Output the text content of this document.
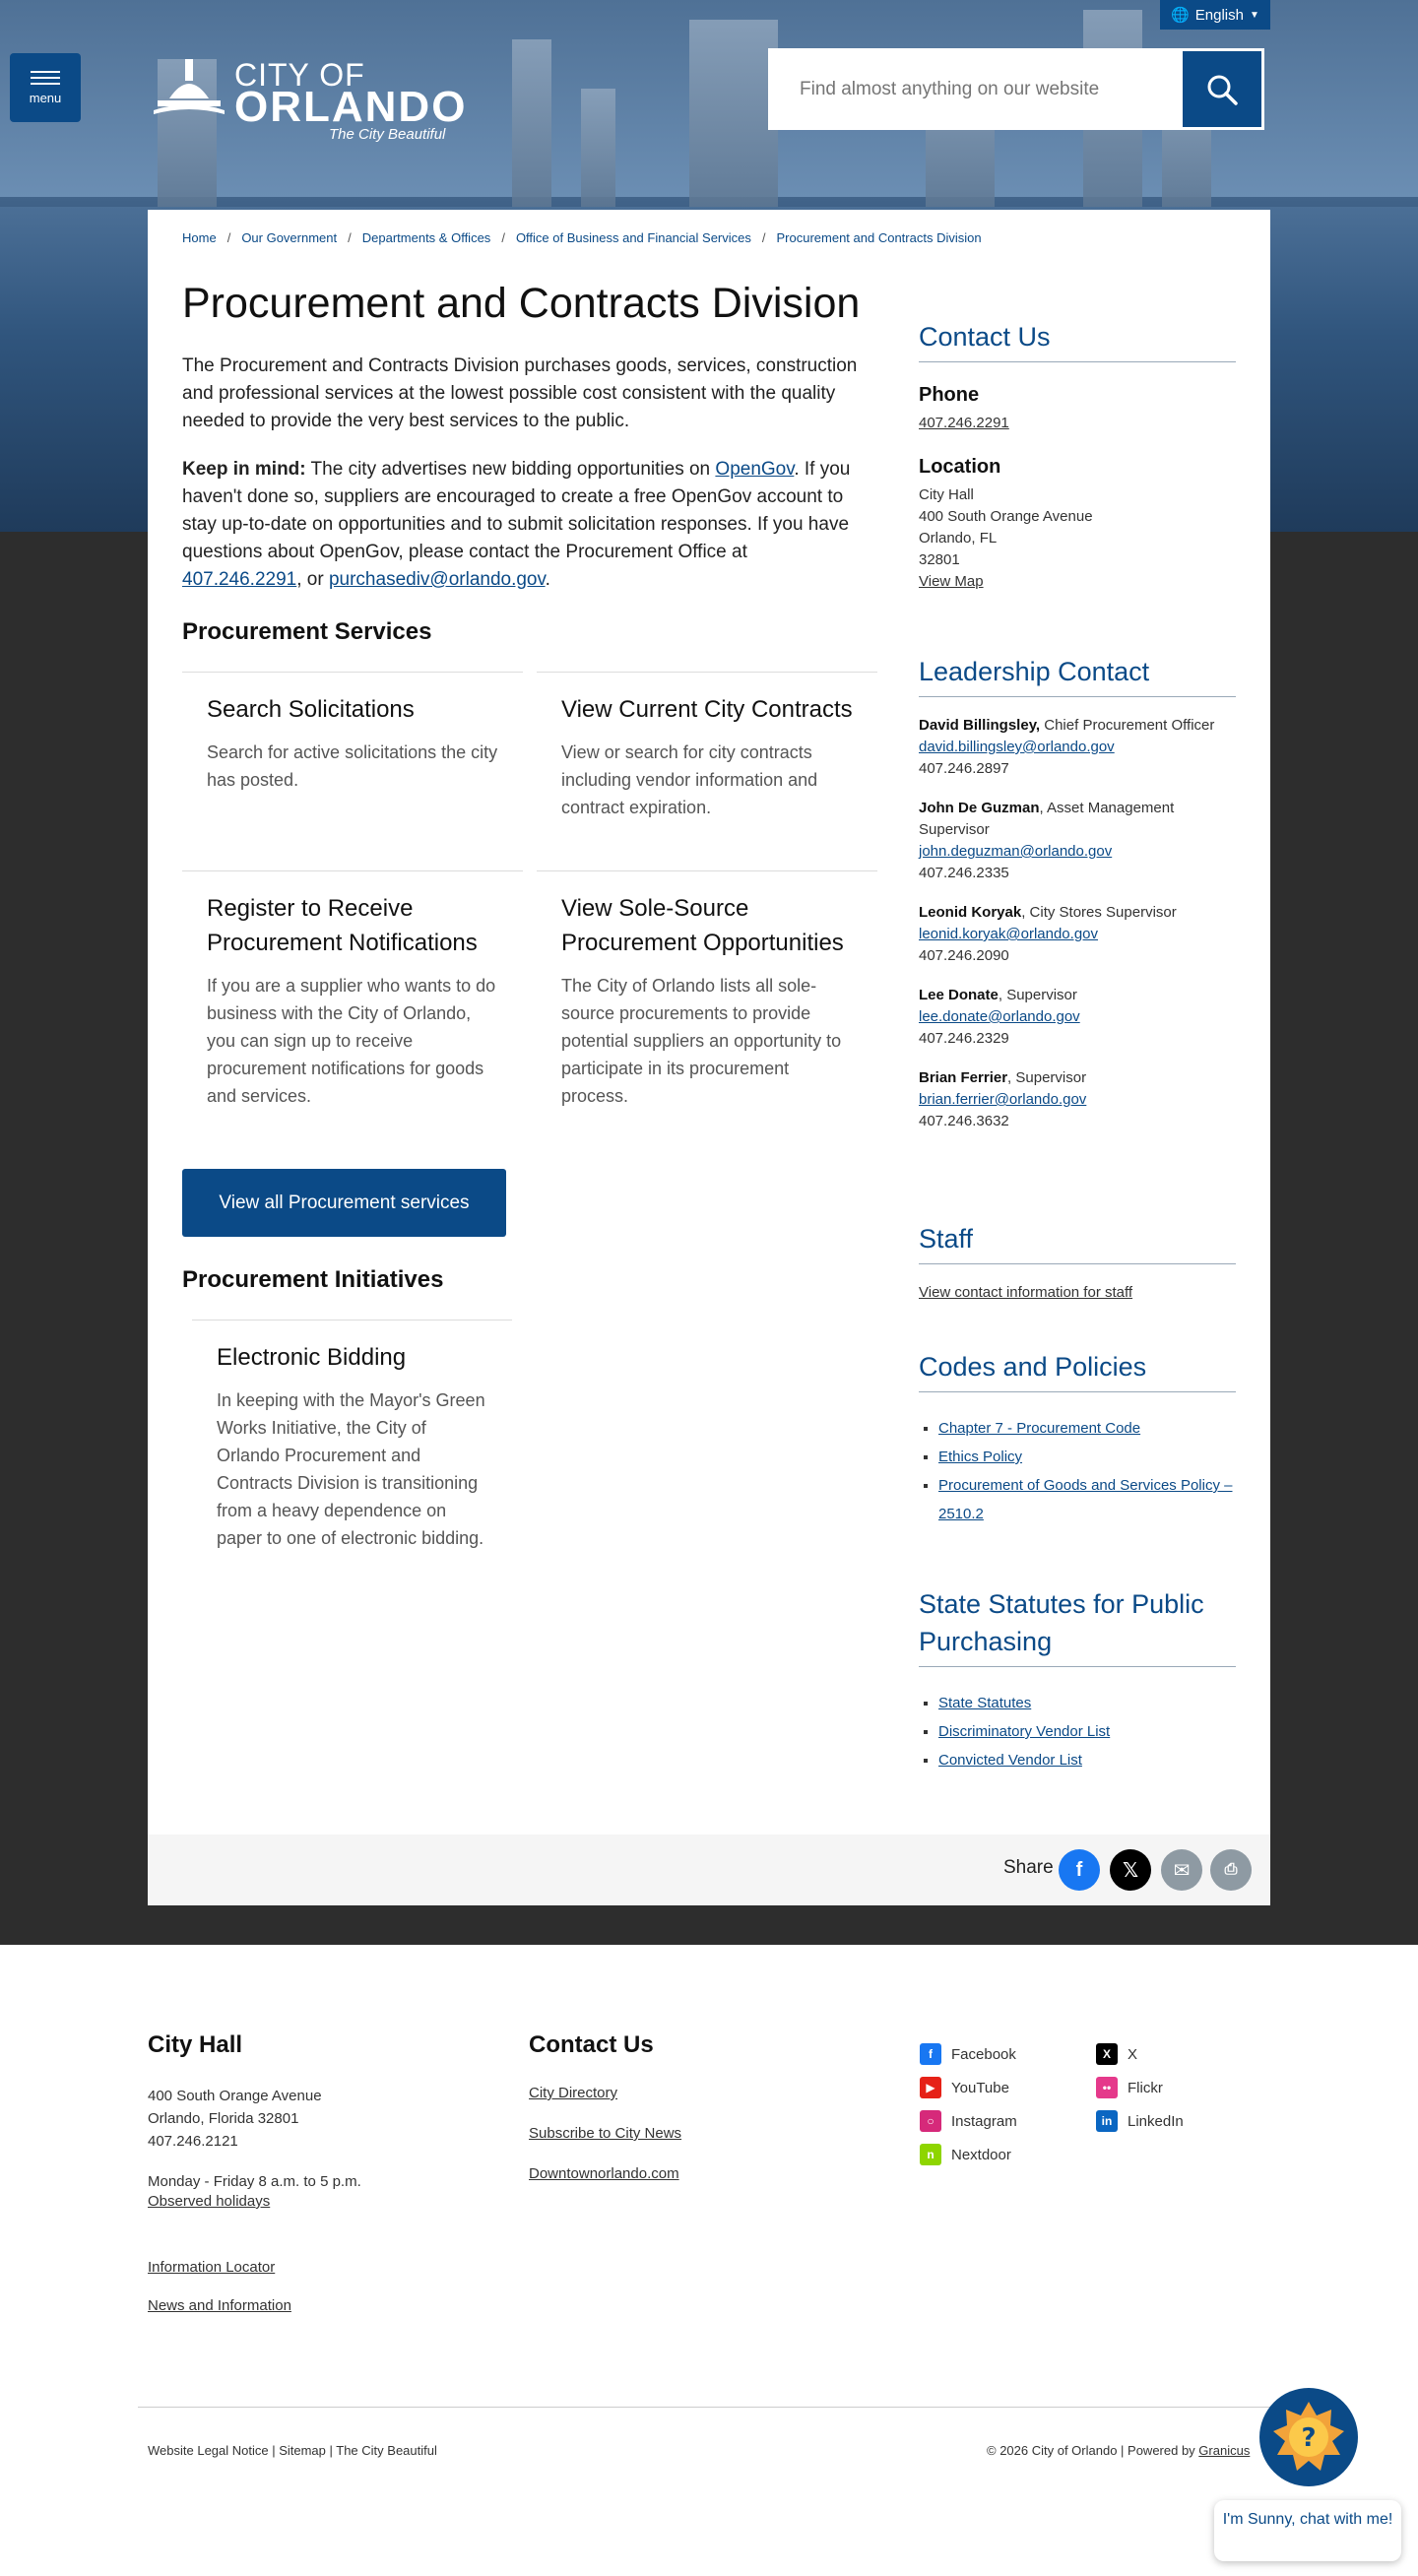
🌐 English ▼
menu
CITY OF
ORLANDO
The City Beautiful
Find almost anything on our website
Home / Our Government / Departments & Offices / Office of Business and Financial Services / Procurement and Contracts Division
Procurement and Contracts Division

The Procurement and Contracts Division purchases goods, services, construction and professional services at the lowest possible cost consistent with the quality needed to provide the very best services to the public.

Keep in mind: The city advertises new bidding opportunities on OpenGov. If you haven't done so, suppliers are encouraged to create a free OpenGov account to stay up-to-date on opportunities and to submit solicitation responses. If you have questions about OpenGov, please contact the Procurement Office at 407.246.2291, or purchasediv@orlando.gov.

Procurement Services
Search Solicitations

Search for active solicitations the city has posted.

View Current City Contracts

View or search for city contracts including vendor information and contract expiration.

Register to Receive Procurement Notifications

If you are a supplier who wants to do business with the City of Orlando, you can sign up to receive procurement notifications for goods and services.

View Sole-Source Procurement Opportunities

The City of Orlando lists all sole-source procurements to provide potential suppliers an opportunity to participate in its procurement process.

View all Procurement services
Procurement Initiatives
Electronic Bidding

In keeping with the Mayor's Green Works Initiative, the City of Orlando Procurement and Contracts Division is transitioning from a heavy dependence on paper to one of electronic bidding.

Contact Us
Phone
407.246.2291
Location
City Hall
400 South Orange Avenue
Orlando, FL
32801
View Map
Leadership Contact
David Billingsley, Chief Procurement Officer
david.billingsley@orlando.gov
407.246.2897
John De Guzman, Asset Management Supervisor
john.deguzman@orlando.gov
407.246.2335
Leonid Koryak, City Stores Supervisor
leonid.koryak@orlando.gov
407.246.2090
Lee Donate, Supervisor
lee.donate@orlando.gov
407.246.2329
Brian Ferrier, Supervisor
brian.ferrier@orlando.gov
407.246.3632
Staff
View contact information for staff
Codes and Policies
▪ Chapter 7 - Procurement Code
▪ Ethics Policy
▪ Procurement of Goods and Services Policy – 2510.2
State Statutes for Public Purchasing
▪ State Statutes
▪ Discriminatory Vendor List
▪ Convicted Vendor List
Share f 𝕏 ✉ ⎙
City Hall
400 South Orange Avenue
Orlando, Florida 32801
407.246.2121
Monday - Friday 8 a.m. to 5 p.m.
Observed holidays
Information Locator
News and Information
Contact Us
City Directory
Subscribe to City News
Downtownorlando.com
f	Facebook
▶	YouTube
○	Instagram
n	Nextdoor
X	X
••	Flickr
in	LinkedIn
Website Legal Notice | Sitemap | The City Beautiful	© 2026 City of Orlando | Powered by Granicus ?
I'm Sunny, chat with me!
